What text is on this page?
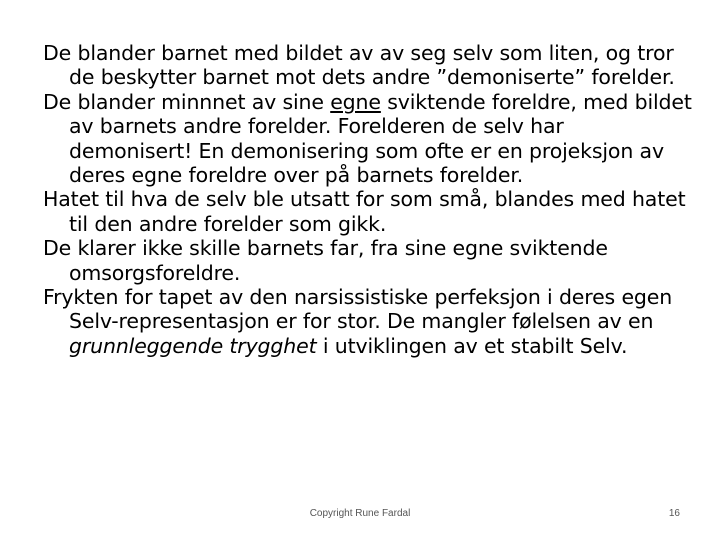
De blander barnet med bildet av av seg selv som liten, og tror de beskytter barnet mot dets andre ”demoniserte” forelder.

De blander minnnet av sine egne sviktende foreldre, med bildet av barnets andre forelder. Forelderen de selv har demonisert! En demonisering som ofte er en projeksjon av deres egne foreldre over på barnets forelder.

Hatet til hva de selv ble utsatt for som små, blandes med hatet til den andre forelder som gikk.

De klarer ikke skille barnets far, fra sine egne sviktende omsorgsforeldre.

Frykten for tapet av den narsissistiske perfeksjon i deres egen Selv-representasjon er for stor. De mangler følelsen av en grunnleggende trygghet i utviklingen av et stabilt Selv.

Copyright Rune Fardal	16
